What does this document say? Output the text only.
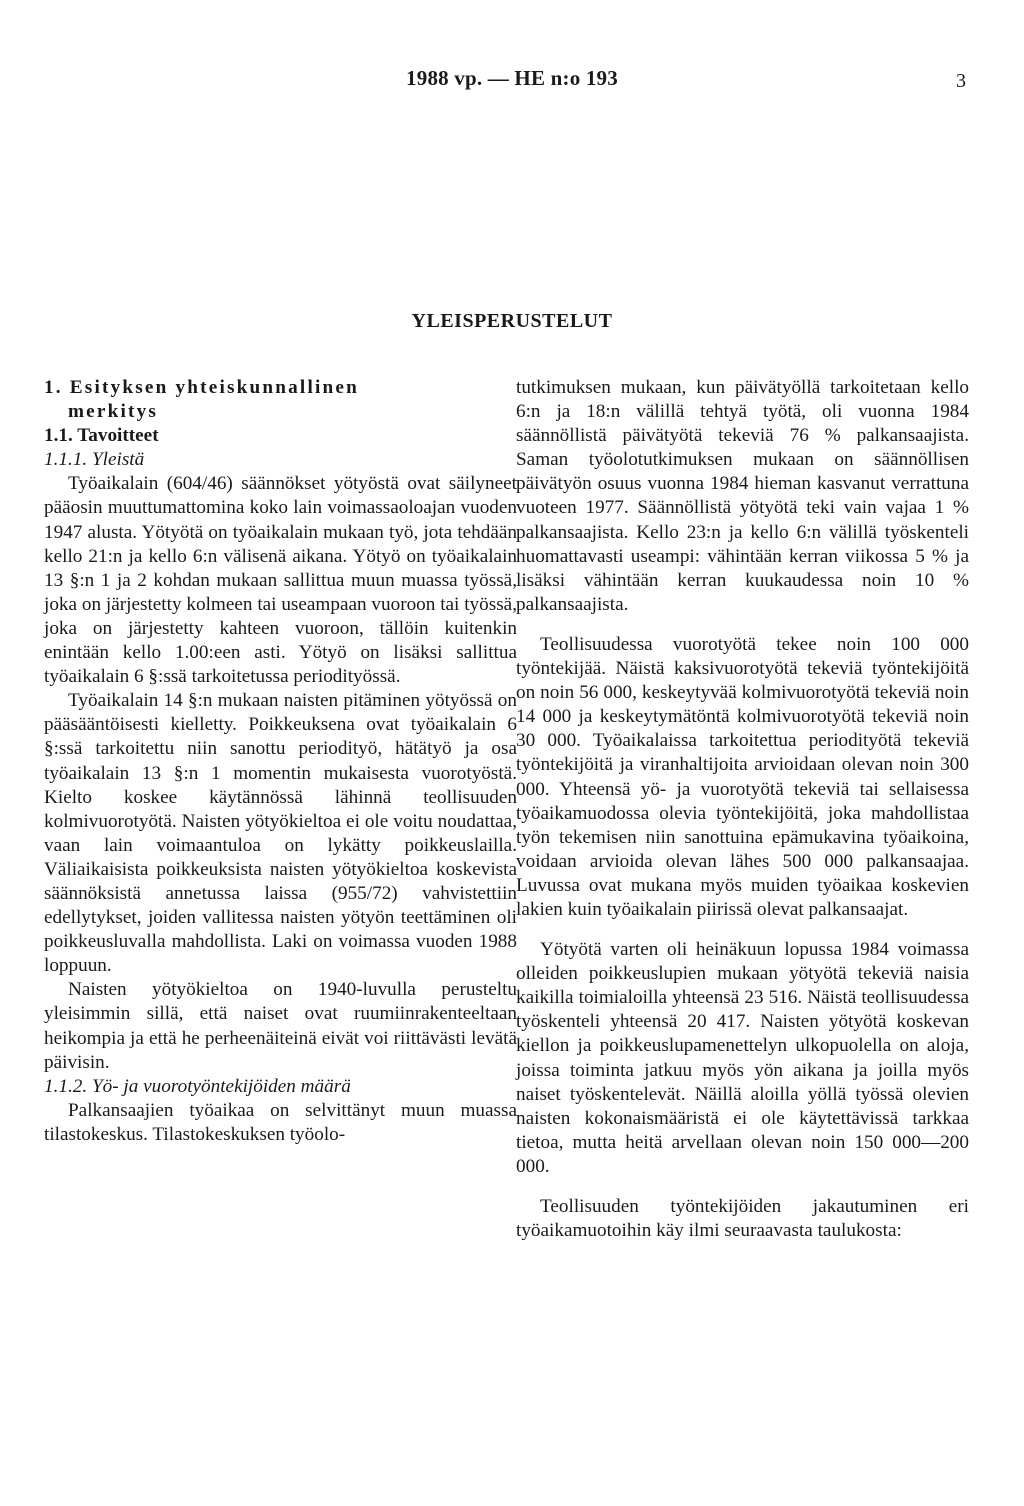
1988 vp. — HE n:o 193	3
YLEISPERUSTELUT

1. Esityksen yhteiskunnallinen
merkitys

1.1. Tavoitteet

1.1.1. Yleistä

Työaikalain (604/46) säännökset yötyöstä ovat säilyneet pääosin muuttumattomina koko lain voimassaoloajan vuoden 1947 alusta. Yötyötä on työaikalain mukaan työ, jota tehdään kello 21:n ja kello 6:n välisenä aikana. Yötyö on työaikalain 13 §:n 1 ja 2 kohdan mukaan sallittua muun muassa työssä, joka on järjestetty kolmeen tai useampaan vuoroon tai työssä, joka on järjestetty kahteen vuoroon, tällöin kuitenkin enintään kello 1.00:een asti. Yötyö on lisäksi sallittua työaikalain 6 §:ssä tarkoitetussa periodityössä.

Työaikalain 14 §:n mukaan naisten pitäminen yötyössä on pääsääntöisesti kielletty. Poikkeuksena ovat työaikalain 6 §:ssä tarkoitettu niin sanottu periodityö, hätätyö ja osa työaikalain 13 §:n 1 momentin mukaisesta vuorotyöstä. Kielto koskee käytännössä lähinnä teollisuuden kolmivuorotyötä. Naisten yötyökieltoa ei ole voitu noudattaa, vaan lain voimaantuloa on lykätty poikkeuslailla. Väliaikaisista poikkeuksista naisten yötyökieltoa koskevista säännöksistä annetussa laissa (955/72) vahvistettiin edellytykset, joiden vallitessa naisten yötyön teettäminen oli poikkeusluvalla mahdollista. Laki on voimassa vuoden 1988 loppuun.

Naisten yötyökieltoa on 1940-luvulla perusteltu yleisimmin sillä, että naiset ovat ruumiinrakenteeltaan heikompia ja että he perheenäiteinä eivät voi riittävästi levätä päivisin.

1.1.2. Yö- ja vuorotyöntekijöiden määrä

Palkansaajien työaikaa on selvittänyt muun muassa tilastokeskus. Tilastokeskuksen työolo-

tutkimuksen mukaan, kun päivätyöllä tarkoitetaan kello 6:n ja 18:n välillä tehtyä työtä, oli vuonna 1984 säännöllistä päivätyötä tekeviä 76 % palkansaajista. Saman työolotutkimuksen mukaan on säännöllisen päivätyön osuus vuonna 1984 hieman kasvanut verrattuna vuoteen 1977. Säännöllistä yötyötä teki vain vajaa 1 % palkansaajista. Kello 23:n ja kello 6:n välillä työskenteli huomattavasti useampi: vähintään kerran viikossa 5 % ja lisäksi vähintään kerran kuukaudessa noin 10 % palkansaajista.

Teollisuudessa vuorotyötä tekee noin 100 000 työntekijää. Näistä kaksivuorotyötä tekeviä työntekijöitä on noin 56 000, keskeytyvää kolmivuorotyötä tekeviä noin 14 000 ja keskeytymätöntä kolmivuorotyötä tekeviä noin 30 000. Työaikalaissa tarkoitettua periodityötä tekeviä työntekijöitä ja viranhaltijoita arvioidaan olevan noin 300 000. Yhteensä yö- ja vuorotyötä tekeviä tai sellaisessa työaikamuodossa olevia työntekijöitä, joka mahdollistaa työn tekemisen niin sanottuina epämukavina työaikoina, voidaan arvioida olevan lähes 500 000 palkansaajaa. Luvussa ovat mukana myös muiden työaikaa koskevien lakien kuin työaikalain piirissä olevat palkansaajat.

Yötyötä varten oli heinäkuun lopussa 1984 voimassa olleiden poikkeuslupien mukaan yötyötä tekeviä naisia kaikilla toimialoilla yhteensä 23 516. Näistä teollisuudessa työskenteli yhteensä 20 417. Naisten yötyötä koskevan kiellon ja poikkeuslupamenettelyn ulkopuolella on aloja, joissa toiminta jatkuu myös yön aikana ja joilla myös naiset työskentelevät. Näillä aloilla yöllä työssä olevien naisten kokonaismääristä ei ole käytettävissä tarkkaa tietoa, mutta heitä arvellaan olevan noin 150 000—200 000.

Teollisuuden työntekijöiden jakautuminen eri työaikamuotoihin käy ilmi seuraavasta taulukosta:
